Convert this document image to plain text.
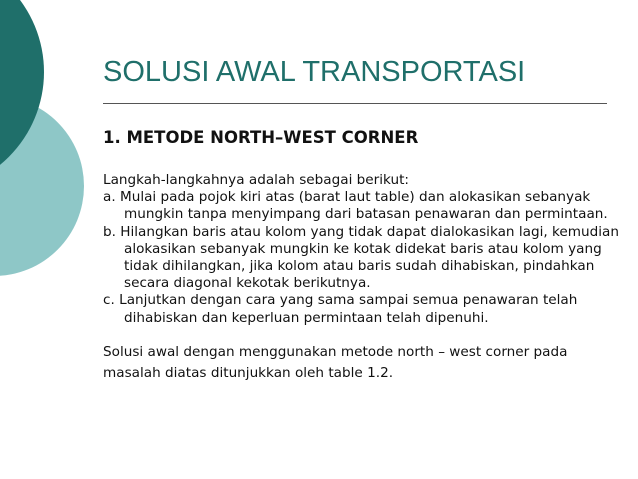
SOLUSI AWAL TRANSPORTASI
1. METODE NORTH–WEST CORNER

Langkah-langkahnya adalah sebagai berikut:

a. Mulai pada pojok kiri atas (barat laut table) dan alokasikan sebanyak mungkin tanpa menyimpang dari batasan penawaran dan permintaan.

b. Hilangkan baris atau kolom yang tidak dapat dialokasikan lagi, kemudian alokasikan sebanyak mungkin ke kotak didekat baris atau kolom yang tidak dihilangkan, jika kolom atau baris sudah dihabiskan, pindahkan secara diagonal kekotak berikutnya.

c. Lanjutkan dengan cara yang sama sampai semua penawaran telah dihabiskan dan keperluan permintaan telah dipenuhi.

Solusi awal dengan menggunakan metode north – west corner pada masalah diatas ditunjukkan oleh table 1.2.
